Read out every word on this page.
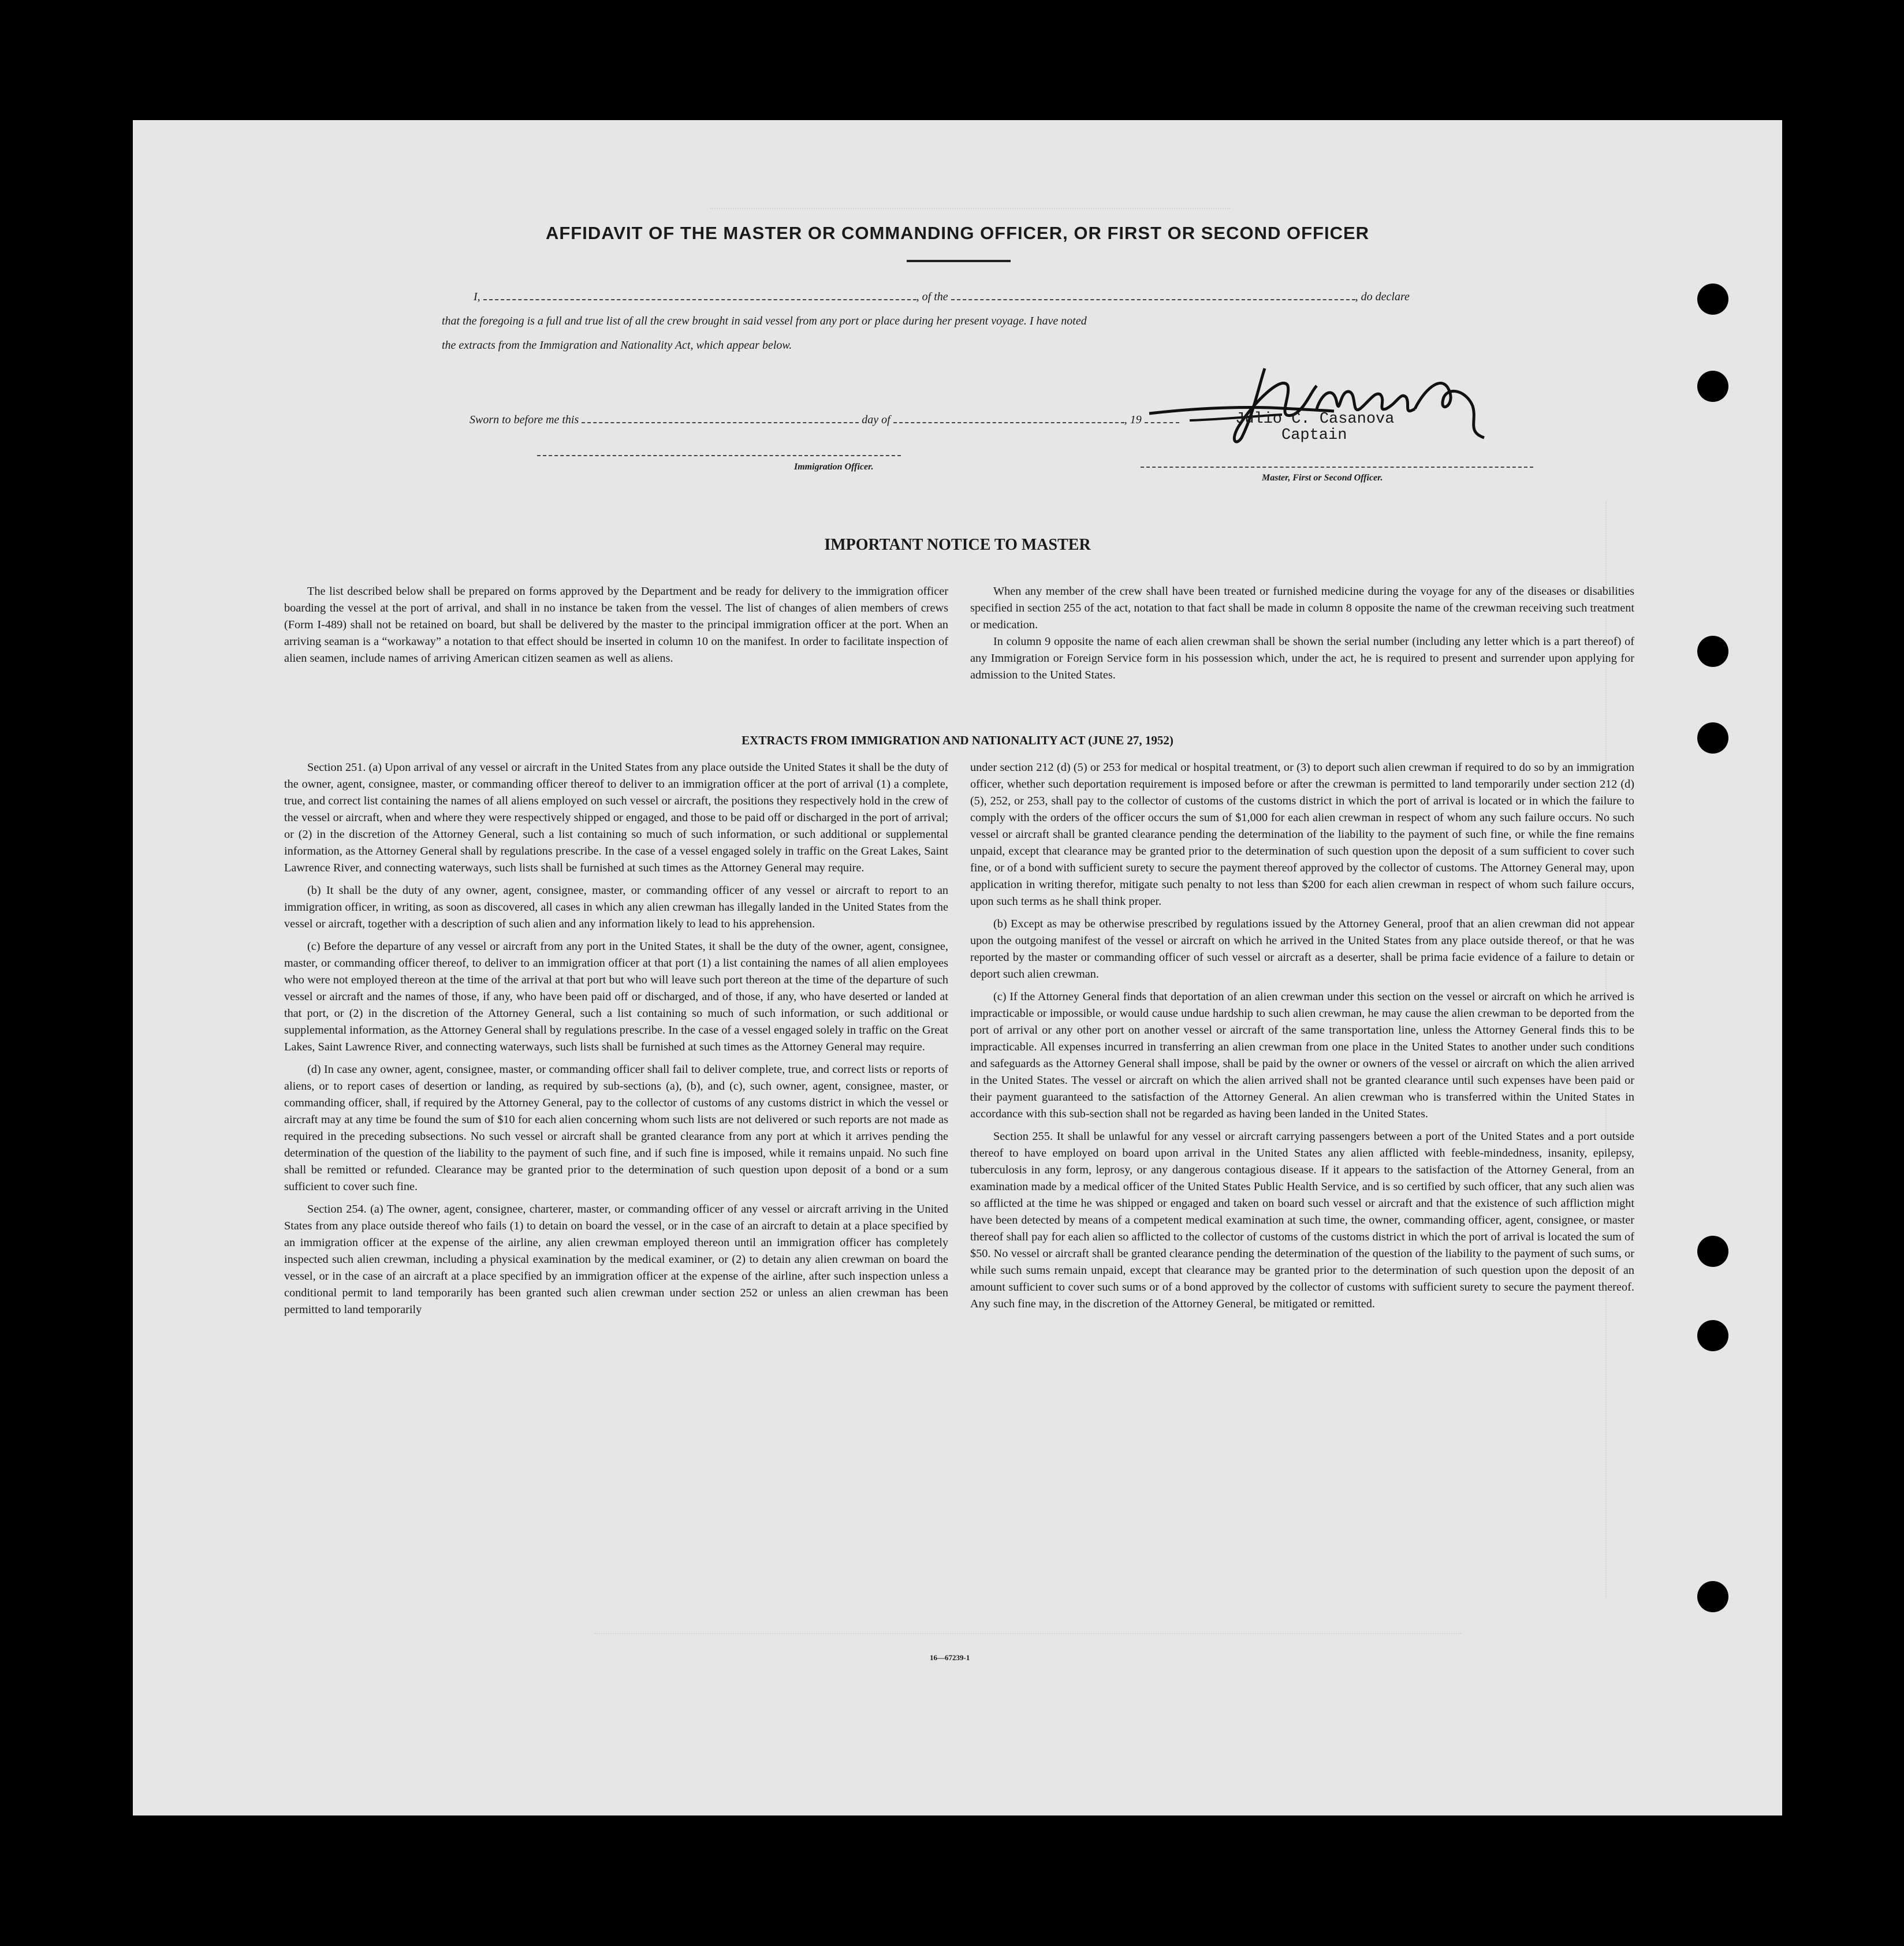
AFFIDAVIT OF THE MASTER OR COMMANDING OFFICER, OR FIRST OR SECOND OFFICER
I,	, of the	, do declare
that the foregoing is a full and true list of all the crew brought in said vessel from any port or place during her present voyage. I have noted
the extracts from the Immigration and Nationality Act, which appear below.
Master, First or Second Officer.
Sworn to before me this	day of	, 19	Julio C. Casanova
Captain
Immigration Officer.
IMPORTANT NOTICE TO MASTER

The list described below shall be prepared on forms approved by the Department and be ready for delivery to the immigration officer boarding the vessel at the port of arrival, and shall in no instance be taken from the vessel. The list of changes of alien members of crews (Form I-489) shall not be retained on board, but shall be delivered by the master to the principal immigration officer at the port. When an arriving seaman is a “workaway” a notation to that effect should be inserted in column 10 on the manifest. In order to facilitate inspection of alien seamen, include names of arriving American citizen seamen as well as aliens.

When any member of the crew shall have been treated or furnished medicine during the voyage for any of the diseases or disabilities specified in section 255 of the act, notation to that fact shall be made in column 8 opposite the name of the crewman receiving such treatment or medication.

In column 9 opposite the name of each alien crewman shall be shown the serial number (including any letter which is a part thereof) of any Immigration or Foreign Service form in his possession which, under the act, he is required to present and surrender upon applying for admission to the United States.

EXTRACTS FROM IMMIGRATION AND NATIONALITY ACT (JUNE 27, 1952)

Section 251. (a) Upon arrival of any vessel or aircraft in the United States from any place outside the United States it shall be the duty of the owner, agent, consignee, master, or commanding officer thereof to deliver to an immigration officer at the port of arrival (1) a complete, true, and correct list containing the names of all aliens employed on such vessel or aircraft, the positions they respectively hold in the crew of the vessel or aircraft, when and where they were respectively shipped or engaged, and those to be paid off or discharged in the port of arrival; or (2) in the discretion of the Attorney General, such a list containing so much of such information, or such additional or supplemental information, as the Attorney General shall by regulations prescribe. In the case of a vessel engaged solely in traffic on the Great Lakes, Saint Lawrence River, and connecting waterways, such lists shall be furnished at such times as the Attorney General may require.

(b) It shall be the duty of any owner, agent, consignee, master, or commanding officer of any vessel or aircraft to report to an immigration officer, in writing, as soon as discovered, all cases in which any alien crewman has illegally landed in the United States from the vessel or aircraft, together with a description of such alien and any information likely to lead to his apprehension.

(c) Before the departure of any vessel or aircraft from any port in the United States, it shall be the duty of the owner, agent, consignee, master, or commanding officer thereof, to deliver to an immigration officer at that port (1) a list containing the names of all alien employees who were not employed thereon at the time of the arrival at that port but who will leave such port thereon at the time of the departure of such vessel or aircraft and the names of those, if any, who have been paid off or discharged, and of those, if any, who have deserted or landed at that port, or (2) in the discretion of the Attorney General, such a list containing so much of such information, or such additional or supplemental information, as the Attorney General shall by regulations prescribe. In the case of a vessel engaged solely in traffic on the Great Lakes, Saint Lawrence River, and connecting waterways, such lists shall be furnished at such times as the Attorney General may require.

(d) In case any owner, agent, consignee, master, or commanding officer shall fail to deliver complete, true, and correct lists or reports of aliens, or to report cases of desertion or landing, as required by sub-sections (a), (b), and (c), such owner, agent, consignee, master, or commanding officer, shall, if required by the Attorney General, pay to the collector of customs of any customs district in which the vessel or aircraft may at any time be found the sum of $10 for each alien concerning whom such lists are not delivered or such reports are not made as required in the preceding subsections. No such vessel or aircraft shall be granted clearance from any port at which it arrives pending the determination of the question of the liability to the payment of such fine, and if such fine is imposed, while it remains unpaid. No such fine shall be remitted or refunded. Clearance may be granted prior to the determination of such question upon deposit of a bond or a sum sufficient to cover such fine.

Section 254. (a) The owner, agent, consignee, charterer, master, or commanding officer of any vessel or aircraft arriving in the United States from any place outside thereof who fails (1) to detain on board the vessel, or in the case of an aircraft to detain at a place specified by an immigration officer at the expense of the airline, any alien crewman employed thereon until an immigration officer has completely inspected such alien crewman, including a physical examination by the medical examiner, or (2) to detain any alien crewman on board the vessel, or in the case of an aircraft at a place specified by an immigration officer at the expense of the airline, after such inspection unless a conditional permit to land temporarily has been granted such alien crewman under section 252 or unless an alien crewman has been permitted to land temporarily

under section 212 (d) (5) or 253 for medical or hospital treatment, or (3) to deport such alien crewman if required to do so by an immigration officer, whether such deportation requirement is imposed before or after the crewman is permitted to land temporarily under section 212 (d) (5), 252, or 253, shall pay to the collector of customs of the customs district in which the port of arrival is located or in which the failure to comply with the orders of the officer occurs the sum of $1,000 for each alien crewman in respect of whom any such failure occurs. No such vessel or aircraft shall be granted clearance pending the determination of the liability to the payment of such fine, or while the fine remains unpaid, except that clearance may be granted prior to the determination of such question upon the deposit of a sum sufficient to cover such fine, or of a bond with sufficient surety to secure the payment thereof approved by the collector of customs. The Attorney General may, upon application in writing therefor, mitigate such penalty to not less than $200 for each alien crewman in respect of whom such failure occurs, upon such terms as he shall think proper.

(b) Except as may be otherwise prescribed by regulations issued by the Attorney General, proof that an alien crewman did not appear upon the outgoing manifest of the vessel or aircraft on which he arrived in the United States from any place outside thereof, or that he was reported by the master or commanding officer of such vessel or aircraft as a deserter, shall be prima facie evidence of a failure to detain or deport such alien crewman.

(c) If the Attorney General finds that deportation of an alien crewman under this section on the vessel or aircraft on which he arrived is impracticable or impossible, or would cause undue hardship to such alien crewman, he may cause the alien crewman to be deported from the port of arrival or any other port on another vessel or aircraft of the same transportation line, unless the Attorney General finds this to be impracticable. All expenses incurred in transferring an alien crewman from one place in the United States to another under such conditions and safeguards as the Attorney General shall impose, shall be paid by the owner or owners of the vessel or aircraft on which the alien arrived in the United States. The vessel or aircraft on which the alien arrived shall not be granted clearance until such expenses have been paid or their payment guaranteed to the satisfaction of the Attorney General. An alien crewman who is transferred within the United States in accordance with this sub-section shall not be regarded as having been landed in the United States.

Section 255. It shall be unlawful for any vessel or aircraft carrying passengers between a port of the United States and a port outside thereof to have employed on board upon arrival in the United States any alien afflicted with feeble-mindedness, insanity, epilepsy, tuberculosis in any form, leprosy, or any dangerous contagious disease. If it appears to the satisfaction of the Attorney General, from an examination made by a medical officer of the United States Public Health Service, and is so certified by such officer, that any such alien was so afflicted at the time he was shipped or engaged and taken on board such vessel or aircraft and that the existence of such affliction might have been detected by means of a competent medical examination at such time, the owner, commanding officer, agent, consignee, or master thereof shall pay for each alien so afflicted to the collector of customs of the customs district in which the port of arrival is located the sum of $50. No vessel or aircraft shall be granted clearance pending the determination of the question of the liability to the payment of such sums, or while such sums remain unpaid, except that clearance may be granted prior to the determination of such question upon the deposit of an amount sufficient to cover such sums or of a bond approved by the collector of customs with sufficient surety to secure the payment thereof. Any such fine may, in the discretion of the Attorney General, be mitigated or remitted.

16—67239-1
